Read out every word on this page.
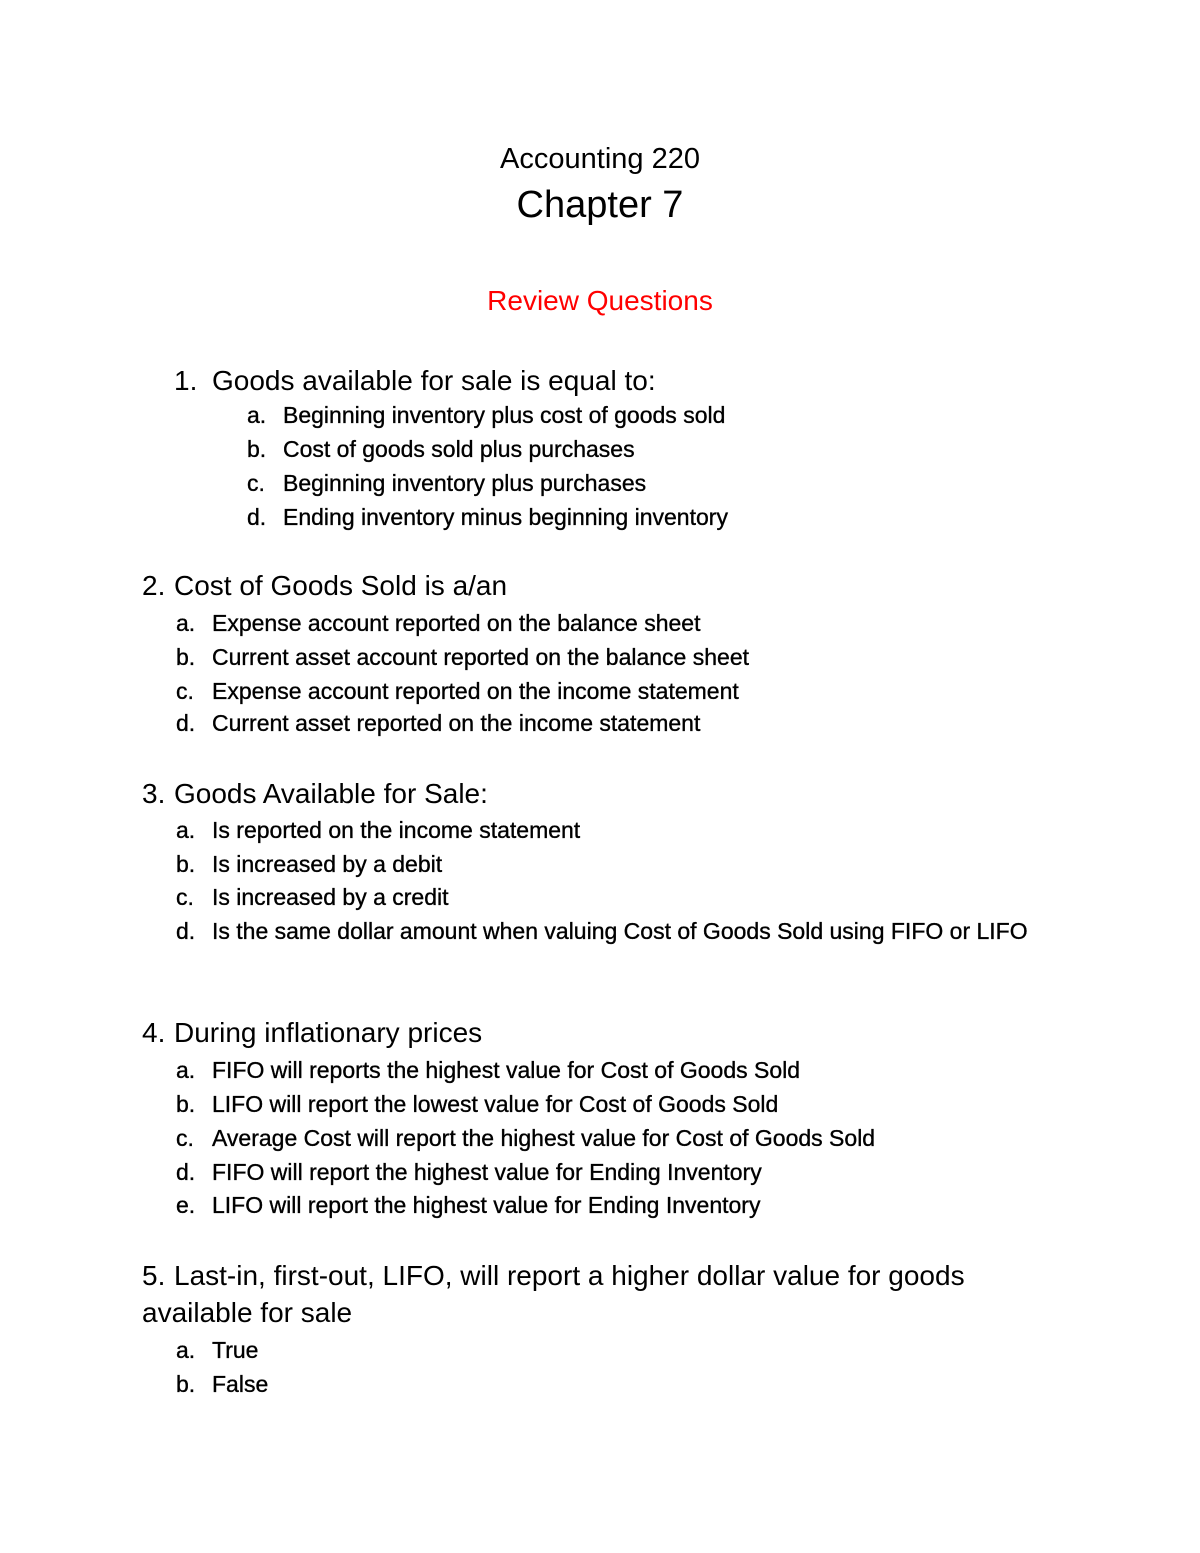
Accounting 220
Chapter 7
Review Questions
1. Goods available for sale is equal to:
a. Beginning inventory plus cost of goods sold
b. Cost of goods sold plus purchases
c. Beginning inventory plus purchases
d. Ending inventory minus beginning inventory
2. Cost of Goods Sold is a/an
a. Expense account reported on the balance sheet
b. Current asset account reported on the balance sheet
c. Expense account reported on the income statement
d. Current asset reported on the income statement
3. Goods Available for Sale:
a. Is reported on the income statement
b. Is increased by a debit
c. Is increased by a credit
d. Is the same dollar amount when valuing Cost of Goods Sold using FIFO or LIFO
4. During inflationary prices
a. FIFO will reports the highest value for Cost of Goods Sold
b. LIFO will report the lowest value for Cost of Goods Sold
c. Average Cost will report the highest value for Cost of Goods Sold
d. FIFO will report the highest value for Ending Inventory
e. LIFO will report the highest value for Ending Inventory
5. Last-in, first-out, LIFO, will report a higher dollar value for goods
available for sale
a. True
b. False
